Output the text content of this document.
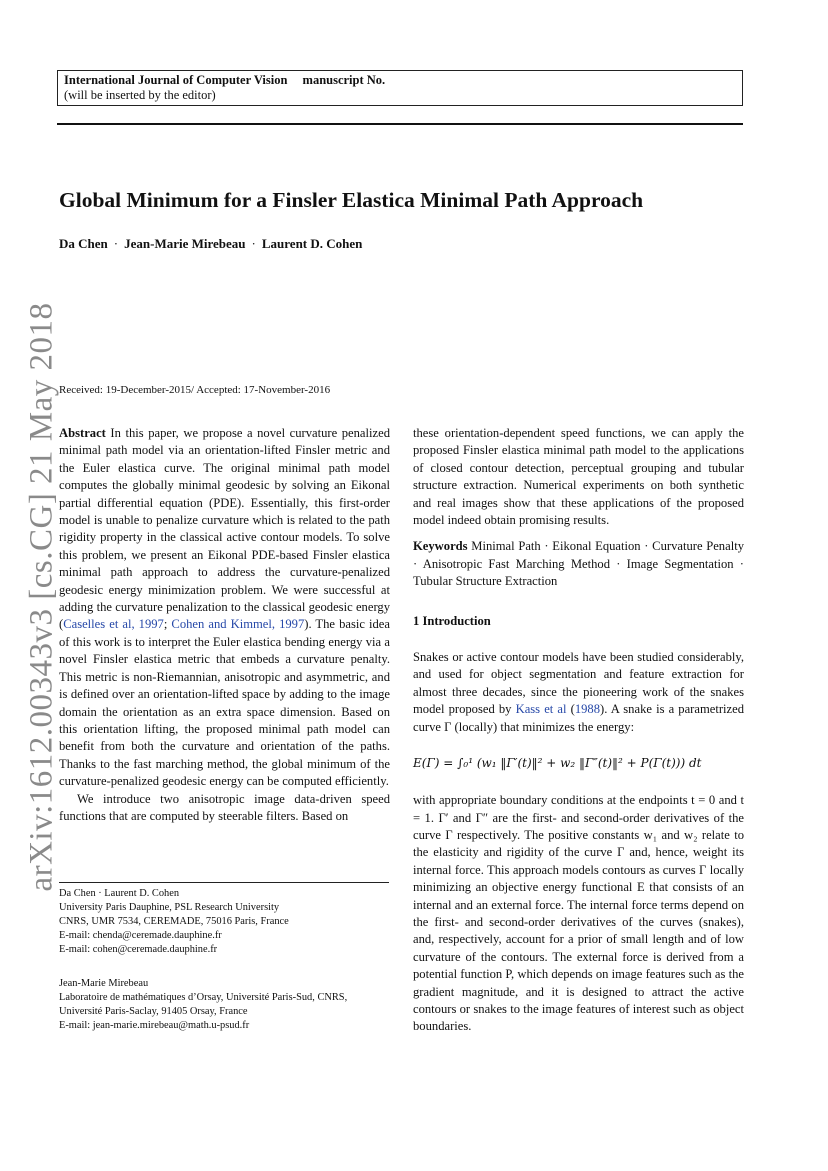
International Journal of Computer Vision manuscript No.
(will be inserted by the editor)
Global Minimum for a Finsler Elastica Minimal Path Approach
Da Chen · Jean-Marie Mirebeau · Laurent D. Cohen
arXiv:1612.00343v3 [cs.CG] 21 May 2018 Received: 19-December-2015/ Accepted: 17-November-2016

Abstract In this paper, we propose a novel curvature penalized minimal path model via an orientation-lifted Finsler metric and the Euler elastica curve. The original minimal path model computes the globally minimal geodesic by solving an Eikonal partial differential equation (PDE). Essentially, this first-order model is unable to penalize curvature which is related to the path rigidity property in the classical active contour models. To solve this problem, we present an Eikonal PDE-based Finsler elastica minimal path approach to address the curvature-penalized geodesic energy minimization problem. We were successful at adding the curvature penalization to the classical geodesic energy (Caselles et al, 1997; Cohen and Kimmel, 1997). The basic idea of this work is to interpret the Euler elastica bending energy via a novel Finsler elastica metric that embeds a curvature penalty. This metric is non-Riemannian, anisotropic and asymmetric, and is defined over an orientation-lifted space by adding to the image domain the orientation as an extra space dimension. Based on this orientation lifting, the proposed minimal path model can benefit from both the curvature and orientation of the paths. Thanks to the fast marching method, the global minimum of the curvature-penalized geodesic energy can be computed efficiently.

We introduce two anisotropic image data-driven speed functions that are computed by steerable filters. Based on

these orientation-dependent speed functions, we can apply the proposed Finsler elastica minimal path model to the applications of closed contour detection, perceptual grouping and tubular structure extraction. Numerical experiments on both synthetic and real images show that these applications of the proposed model indeed obtain promising results.

Keywords Minimal Path · Eikonal Equation · Curvature Penalty · Anisotropic Fast Marching Method · Image Segmentation · Tubular Structure Extraction

1 Introduction

Snakes or active contour models have been studied considerably, and used for object segmentation and feature extraction for almost three decades, since the pioneering work of the snakes model proposed by Kass et al (1988). A snake is a parametrized curve Γ (locally) that minimizes the energy:

E(Γ) = ∫₀¹ (w₁ ‖Γ′(t)‖² + w₂ ‖Γ″(t)‖² + P(Γ(t))) dt

with appropriate boundary conditions at the endpoints t = 0 and t = 1. Γ′ and Γ″ are the first- and second-order derivatives of the curve Γ respectively. The positive constants w₁ and w₂ relate to the elasticity and rigidity of the curve Γ and, hence, weight its internal force. This approach models contours as curves Γ locally minimizing an objective energy functional E that consists of an internal and an external force. The internal force terms depend on the first- and second-order derivatives of the curves (snakes), and, respectively, account for a prior of small length and of low curvature of the contours. The external force is derived from a potential function P, which depends on image features such as the gradient magnitude, and it is designed to attract the active contours or snakes to the image features of interest such as object boundaries.

Da Chen · Laurent D. Cohen

University Paris Dauphine, PSL Research University

CNRS, UMR 7534, CEREMADE, 75016 Paris, France

E-mail: chenda@ceremade.dauphine.fr

E-mail: cohen@ceremade.dauphine.fr

Jean-Marie Mirebeau

Laboratoire de mathématiques d’Orsay, Université Paris-Sud, CNRS, Université Paris-Saclay, 91405 Orsay, France

E-mail: jean-marie.mirebeau@math.u-psud.fr
